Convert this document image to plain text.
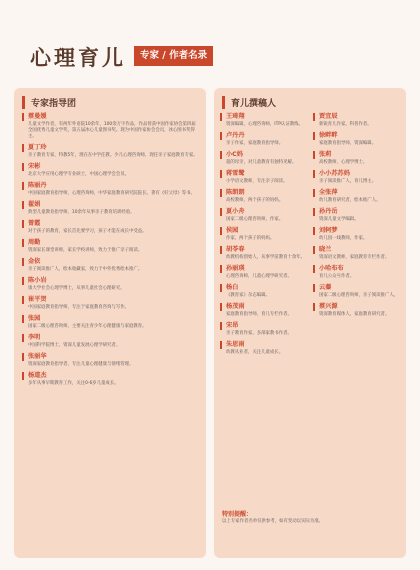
心理育儿	专家 / 作者名录
专家指导团
蔡曼媛
儿童文学作者，有两年外语院10余年，100余万字作品，作品曾获中国作家协会第四届全国优秀儿童文学奖，第五届冰心儿童图书奖。现为中国作家协会会员，冰心图书奖得主。
夏丁玲
亲子教育专家，特教5年，现在在中学任教。少儿心理咨询师，现任亲子家庭教育专家。
宋彬
北京大学应用心理学专业硕士，中国心理学会会员。
陈丽丹
中国家庭教育指导师，心理咨询师，中华家庭教育研究院院长。著有《好父母》等书。
翟娟
典型儿童教育指导师，10余年从事亲子教育培训经验。
曾霞
对于孩子的教育，家长首先要学习，孩子才能在成长中受益。
周勤
资深家长课堂讲师，家长学校讲师，致力于推广亲子阅读。
金依
亲子阅读推广人，绘本收藏家，致力于中外优秀绘本推广。
陈小岩
康大学社会心理学博士，从事儿童社会心理研究。
崔平贺
中国家庭教育指导师，专注于家庭教育咨询与写作。
张园
国家二级心理咨询师，主要关注青少年心理健康与家庭教育。
李明
中国科学院博士，资深儿童发展心理学研究者。
张丽华
资深家庭教育指导者，专注儿童心理健康与情绪管理。
杨道杰
多年从事早期教育工作，关注0-6岁儿童成长。
育儿撰稿人
王琦翔
资深编辑，心理咨询师，ITP认证教练。
卢丹丹
亲子作家，家庭教育指导师。
小C妈
超的母亲，对儿童教育有独特见解。
蒋雪鹭
小学语文教师，专注亲子阅读。
陈朗朗
高校教师，两个孩子的妈妈。
夏小舟
国家二级心理咨询师，作家。
侯园
作家，两个孩子的妈妈。
胡苓春
幼教机构创始人，从事学前教育十余年。
孙丽瑛
心理咨询师，儿童心理学研究者。
杨白
《教育家》杂志编辑。
杨茂雨
家庭教育指导师，育儿专栏作者。
宋昂
亲子教育作家，多部家教书作者。
朱思雨
幼教从业者，关注儿童成长。
贾宜辰
新锐育儿作家，科普作者。
徐畔畔
家庭教育指导师，资深编辑。
张莉
高校教师，心理学博士。
小小苏苏妈
亲子阅读推广人，育儿博主。
全张萍
幼儿教育研究者，绘本推广人。
孙丹岳
资深儿童文学编辑。
刘轲梦
幼儿园一线教师，作家。
晓兰
资深语文教师，家庭教育专栏作者。
小哈布布
育儿公众号作者。
云蓁
国家二级心理咨询师，亲子阅读推广人。
蔡兴源
资深教育媒体人，家庭教育研究者。
特别提醒：
以上专家作者名单仅供参考，如有变动以实际为准。
